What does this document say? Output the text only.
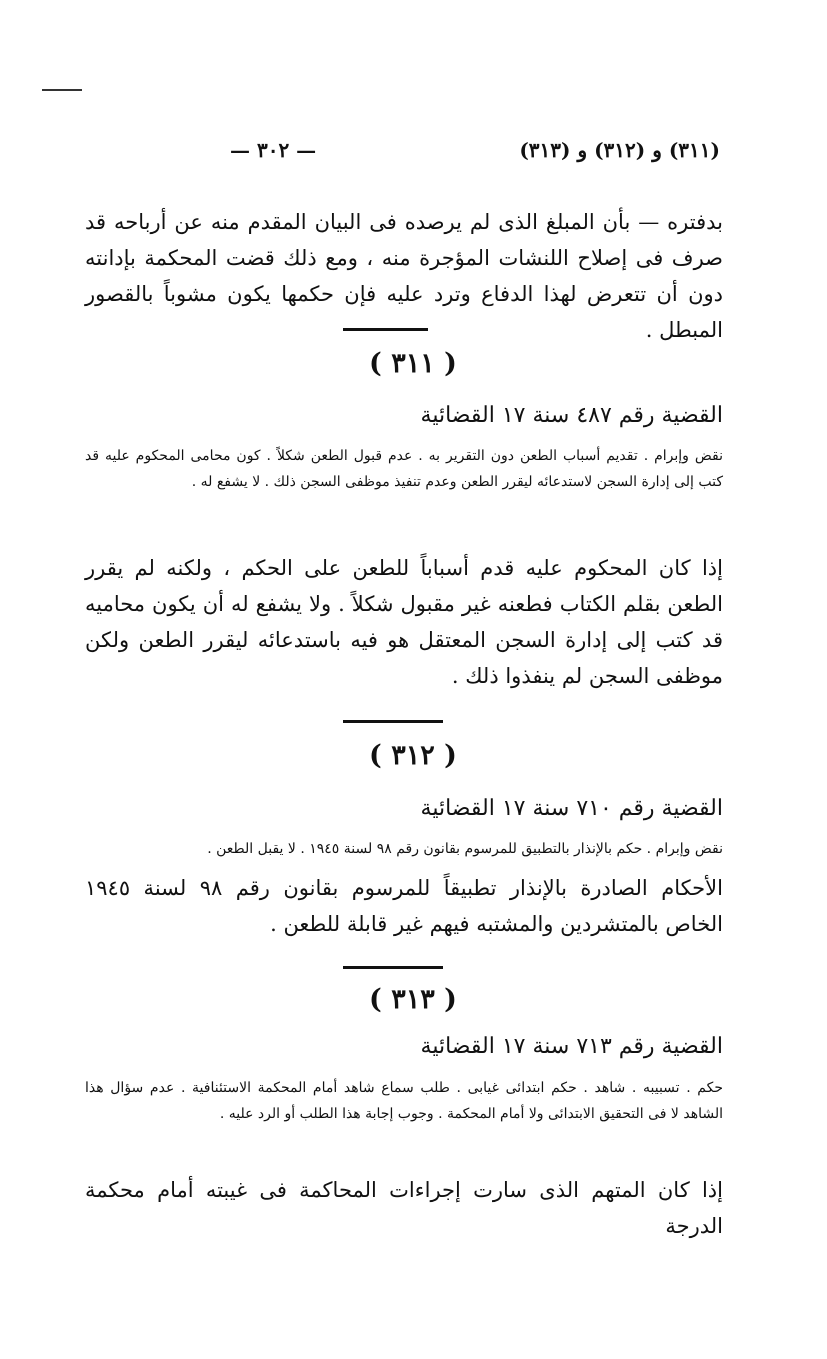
(٣١١) و (٣١٢) و (٣١٣)
— ٣٠٢ —
بدفتره — بأن المبلغ الذى لم يرصده فى البيان المقدم منه عن أرباحه قد صرف فى إصلاح اللنشات المؤجرة منه ، ومع ذلك قضت المحكمة بإدانته دون أن تتعرض لهذا الدفاع وترد عليه فإن حكمها يكون مشوباً بالقصور المبطل .
( ٣١١ )
القضية رقم ٤٨٧ سنة ١٧ القضائية
نقض وإبرام . تقديم أسباب الطعن دون التقرير به . عدم قبول الطعن شكلاً . كون محامى المحكوم عليه قد كتب إلى إدارة السجن لاستدعائه ليقرر الطعن وعدم تنفيذ موظفى السجن ذلك . لا يشفع له .
إذا كان المحكوم عليه قدم أسباباً للطعن على الحكم ، ولكنه لم يقرر الطعن بقلم الكتاب فطعنه غير مقبول شكلاً . ولا يشفع له أن يكون محاميه قد كتب إلى إدارة السجن المعتقل هو فيه باستدعائه ليقرر الطعن ولكن موظفى السجن لم ينفذوا ذلك .
( ٣١٢ )
القضية رقم ٧١٠ سنة ١٧ القضائية
نقض وإبرام . حكم بالإنذار بالتطبيق للمرسوم بقانون رقم ٩٨ لسنة ١٩٤٥ . لا يقبل الطعن .
الأحكام الصادرة بالإنذار تطبيقاً للمرسوم بقانون رقم ٩٨ لسنة ١٩٤٥ الخاص بالمتشردين والمشتبه فيهم غير قابلة للطعن .
( ٣١٣ )
القضية رقم ٧١٣ سنة ١٧ القضائية
حكم . تسبيبه . شاهد . حكم ابتدائى غيابى . طلب سماع شاهد أمام المحكمة الاستئنافية . عدم سؤال هذا الشاهد لا فى التحقيق الابتدائى ولا أمام المحكمة . وجوب إجابة هذا الطلب أو الرد عليه .
إذا كان المتهم الذى سارت إجراءات المحاكمة فى غيبته أمام محكمة الدرجة
